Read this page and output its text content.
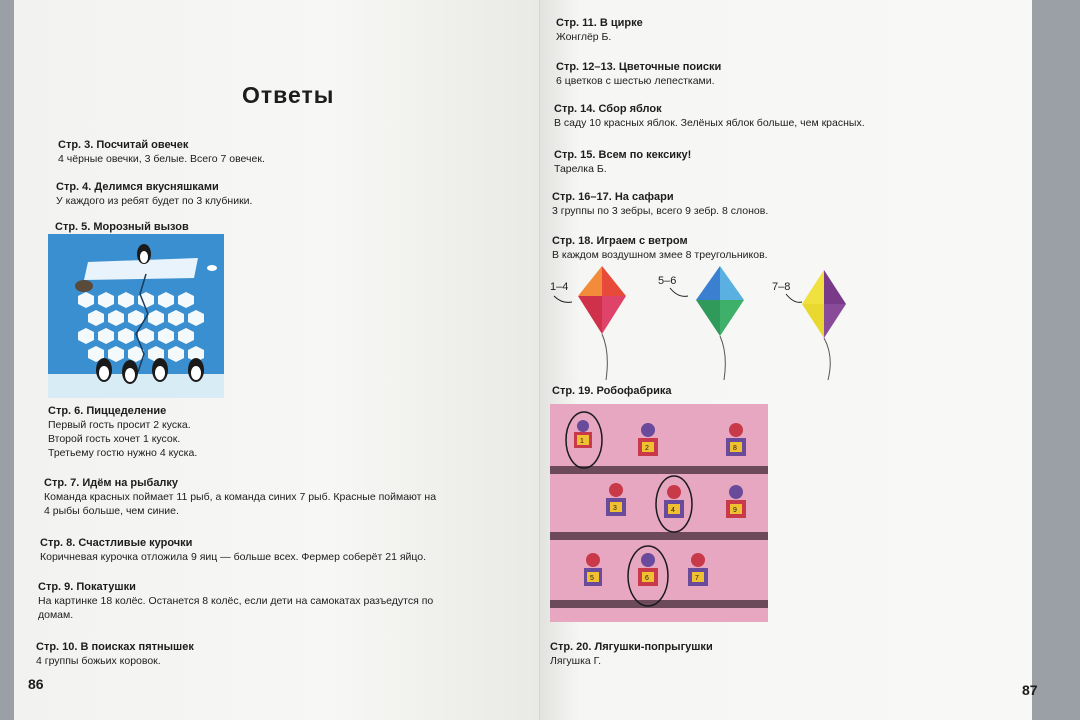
Ответы
Стр. 3. Посчитай овечек
4 чёрные овечки, 3 белые. Всего 7 овечек.
Стр. 4. Делимся вкусняшками
У каждого из ребят будет по 3 клубники.
Стр. 5. Морозный вызов
Стр. 6. Пиццеделение
Первый гость просит 2 куска.
Второй гость хочет 1 кусок.
Третьему гостю нужно 4 куска.
Стр. 7. Идём на рыбалку
Команда красных поймает 11 рыб, а команда синих 7 рыб. Красные поймают на
4 рыбы больше, чем синие.
Стр. 8. Счастливые курочки
Коричневая курочка отложила 9 яиц — больше всех. Фермер соберёт 21 яйцо.
Стр. 9. Покатушки
На картинке 18 колёс. Останется 8 колёс, если дети на самокатах разъедутся по
домам.
Стр. 10. В поисках пятнышек
4 группы божьих коровок.
86
Стр. 11. В цирке
Жонглёр Б.
Стр. 12–13. Цветочные поиски
6 цветков с шестью лепестками.
Стр. 14. Сбор яблок
В саду 10 красных яблок. Зелёных яблок больше, чем красных.
Стр. 15. Всем по кексику!
Тарелка Б.
Стр. 16–17. На сафари
3 группы по 3 зебры, всего 9 зебр. 8 слонов.
Стр. 18. Играем с ветром
В каждом воздушном змее 8 треугольников.
1–4	5–6	7–8
Стр. 19. Робофабрика
1
2
3	4
5	6	7
8
9
Стр. 20. Лягушки-попрыгушки
Лягушка Г.
87
